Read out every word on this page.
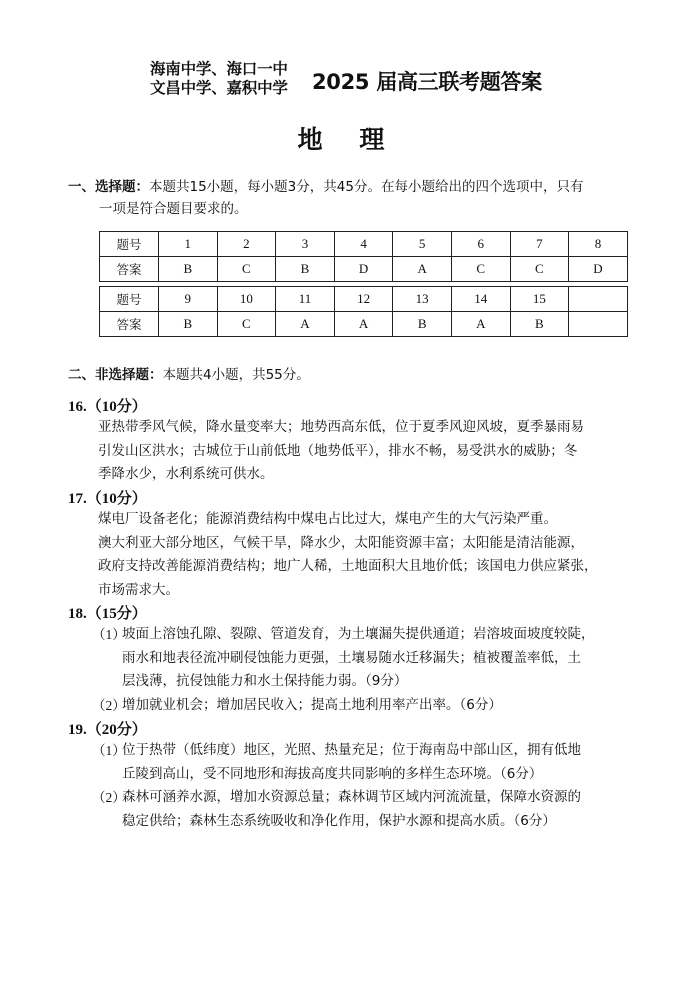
海南中学、海口一中
文昌中学、嘉积中学 2025 届高三联考题答案
地 理
一、选择题：本题共15小题，每小题3分，共45分。在每小题给出的四个选项中，只有
一项是符合题目要求的。
题号	1	2	3	4	5	6	7	8
答案	B	C	B	D	A	C	C	D
题号	9	10	11	12	13	14	15	
答案	B	C	A	A	B	A	B	
二、非选择题：本题共4小题，共55分。
16.（10分）
亚热带季风气候，降水量变率大；地势西高东低，位于夏季风迎风坡，夏季暴雨易
引发山区洪水；古城位于山前低地（地势低平），排水不畅，易受洪水的威胁；冬
季降水少，水利系统可供水。
17.（10分）
煤电厂设备老化；能源消费结构中煤电占比过大，煤电产生的大气污染严重。
澳大利亚大部分地区，气候干旱，降水少，太阳能资源丰富；太阳能是清洁能源，
政府支持改善能源消费结构；地广人稀，土地面积大且地价低；该国电力供应紧张，
市场需求大。
18.（15分）
（1）
坡面上溶蚀孔隙、裂隙、管道发育，为土壤漏失提供通道；岩溶坡面坡度较陡，
雨水和地表径流冲刷侵蚀能力更强，土壤易随水迁移漏失；植被覆盖率低，土
层浅薄，抗侵蚀能力和水土保持能力弱。（9分）
（2）
增加就业机会；增加居民收入；提高土地利用率产出率。（6分）
19.（20分）
（1）
位于热带（低纬度）地区，光照、热量充足；位于海南岛中部山区，拥有低地
丘陵到高山，受不同地形和海拔高度共同影响的多样生态环境。（6分）
（2）
森林可涵养水源，增加水资源总量；森林调节区域内河流流量，保障水资源的
稳定供给；森林生态系统吸收和净化作用，保护水源和提高水质。（6分）
